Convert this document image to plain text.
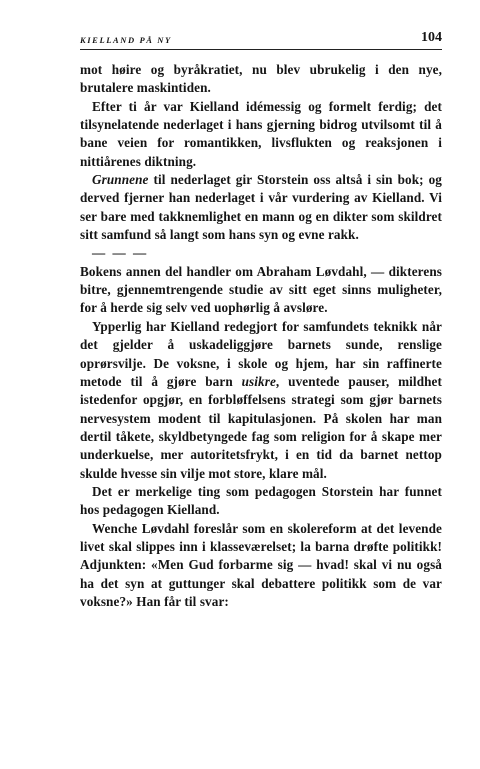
KIELLAND PÅ NY	104

mot høire og byråkratiet, nu blev ubrukelig i den nye, brutalere maskintiden.

Efter ti år var Kielland idémessig og formelt ferdig; det tilsynelatende nederlaget i hans gjerning bidrog utvilsomt til å bane veien for romantikken, livsflukten og reaksjonen i nittiårenes diktning.

Grunnene til nederlaget gir Storstein oss altså i sin bok; og derved fjerner han nederlaget i vår vurdering av Kielland. Vi ser bare med takknemlighet en mann og en dikter som skildret sitt samfund så langt som hans syn og evne rakk.

— — —

Bokens annen del handler om Abraham Løvdahl, — dikterens bitre, gjennemtrengende studie av sitt eget sinns muligheter, for å herde sig selv ved uophørlig å avsløre.

Ypperlig har Kielland redegjort for samfundets teknikk når det gjelder å uskadeliggjøre barnets sunde, renslige oprørsvilje. De voksne, i skole og hjem, har sin raffinerte metode til å gjøre barn usikre, uventede pauser, mildhet istedenfor opgjør, en forbløffelsens strategi som gjør barnets nervesystem modent til kapitulasjonen. På skolen har man dertil tåkete, skyldbetyngede fag som religion for å skape mer underkuelse, mer autoritetsfrykt, i en tid da barnet nettop skulde hvesse sin vilje mot store, klare mål.

Det er merkelige ting som pedagogen Storstein har funnet hos pedagogen Kielland.

Wenche Løvdahl foreslår som en skolereform at det levende livet skal slippes inn i klasseværelset; la barna drøfte politikk! Adjunkten: «Men Gud forbarme sig — hvad! skal vi nu også ha det syn at guttunger skal debattere politikk som de var voksne?» Han får til svar:
